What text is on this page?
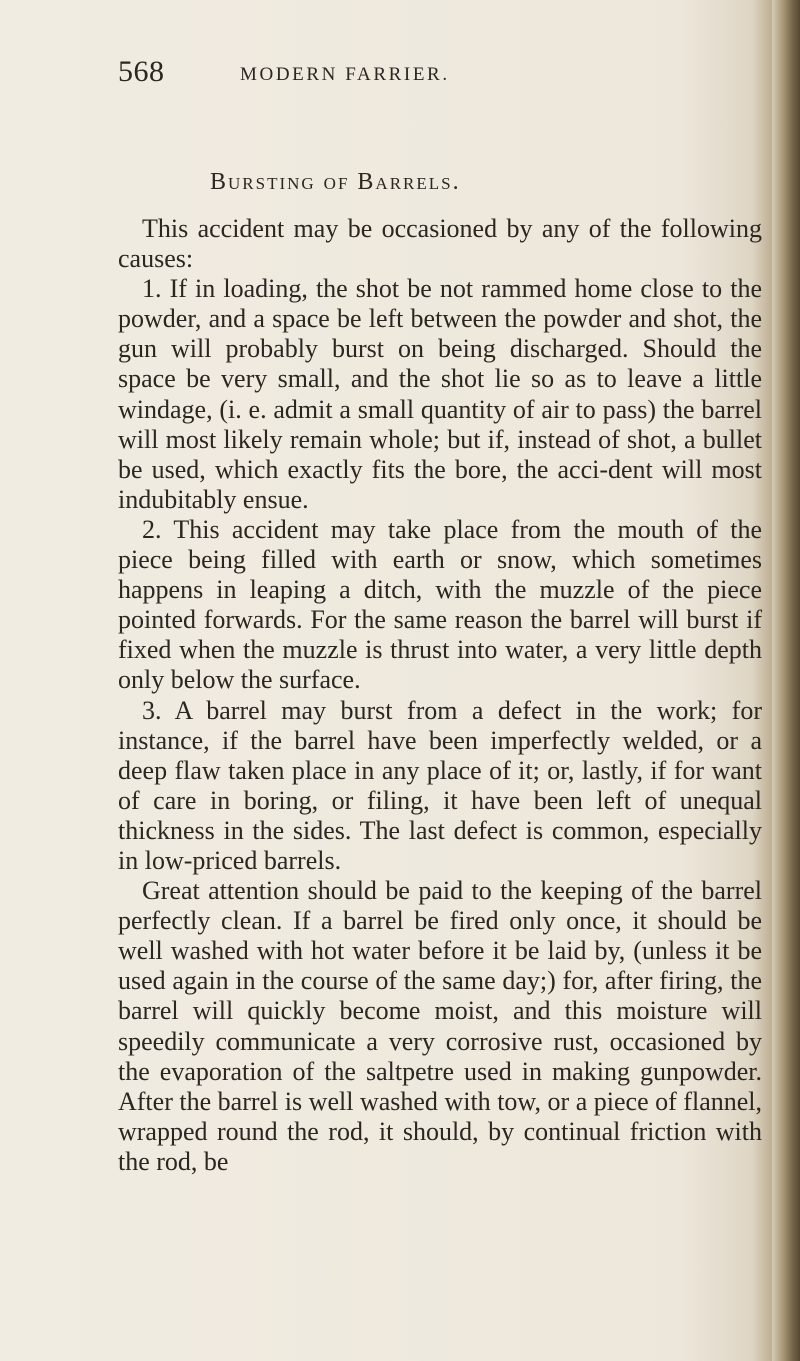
568	MODERN FARRIER.
Bursting of Barrels.

This accident may be occasioned by any of the following causes:

1. If in loading, the shot be not rammed home close to the powder, and a space be left between the powder and shot, the gun will probably burst on being discharged. Should the space be very small, and the shot lie so as to leave a little windage, (i. e. admit a small quantity of air to pass) the barrel will most likely remain whole; but if, instead of shot, a bullet be used, which exactly fits the bore, the acci-dent will most indubitably ensue.

2. This accident may take place from the mouth of the piece being filled with earth or snow, which sometimes happens in leaping a ditch, with the muzzle of the piece pointed forwards. For the same reason the barrel will burst if fixed when the muzzle is thrust into water, a very little depth only below the surface.

3. A barrel may burst from a defect in the work; for instance, if the barrel have been imperfectly welded, or a deep flaw taken place in any place of it; or, lastly, if for want of care in boring, or filing, it have been left of unequal thickness in the sides. The last defect is common, especially in low-priced barrels.

Great attention should be paid to the keeping of the barrel perfectly clean. If a barrel be fired only once, it should be well washed with hot water before it be laid by, (unless it be used again in the course of the same day;) for, after firing, the barrel will quickly become moist, and this moisture will speedily communicate a very corrosive rust, occasioned by the evaporation of the saltpetre used in making gunpowder. After the barrel is well washed with tow, or a piece of flannel, wrapped round the rod, it should, by continual friction with the rod, be
